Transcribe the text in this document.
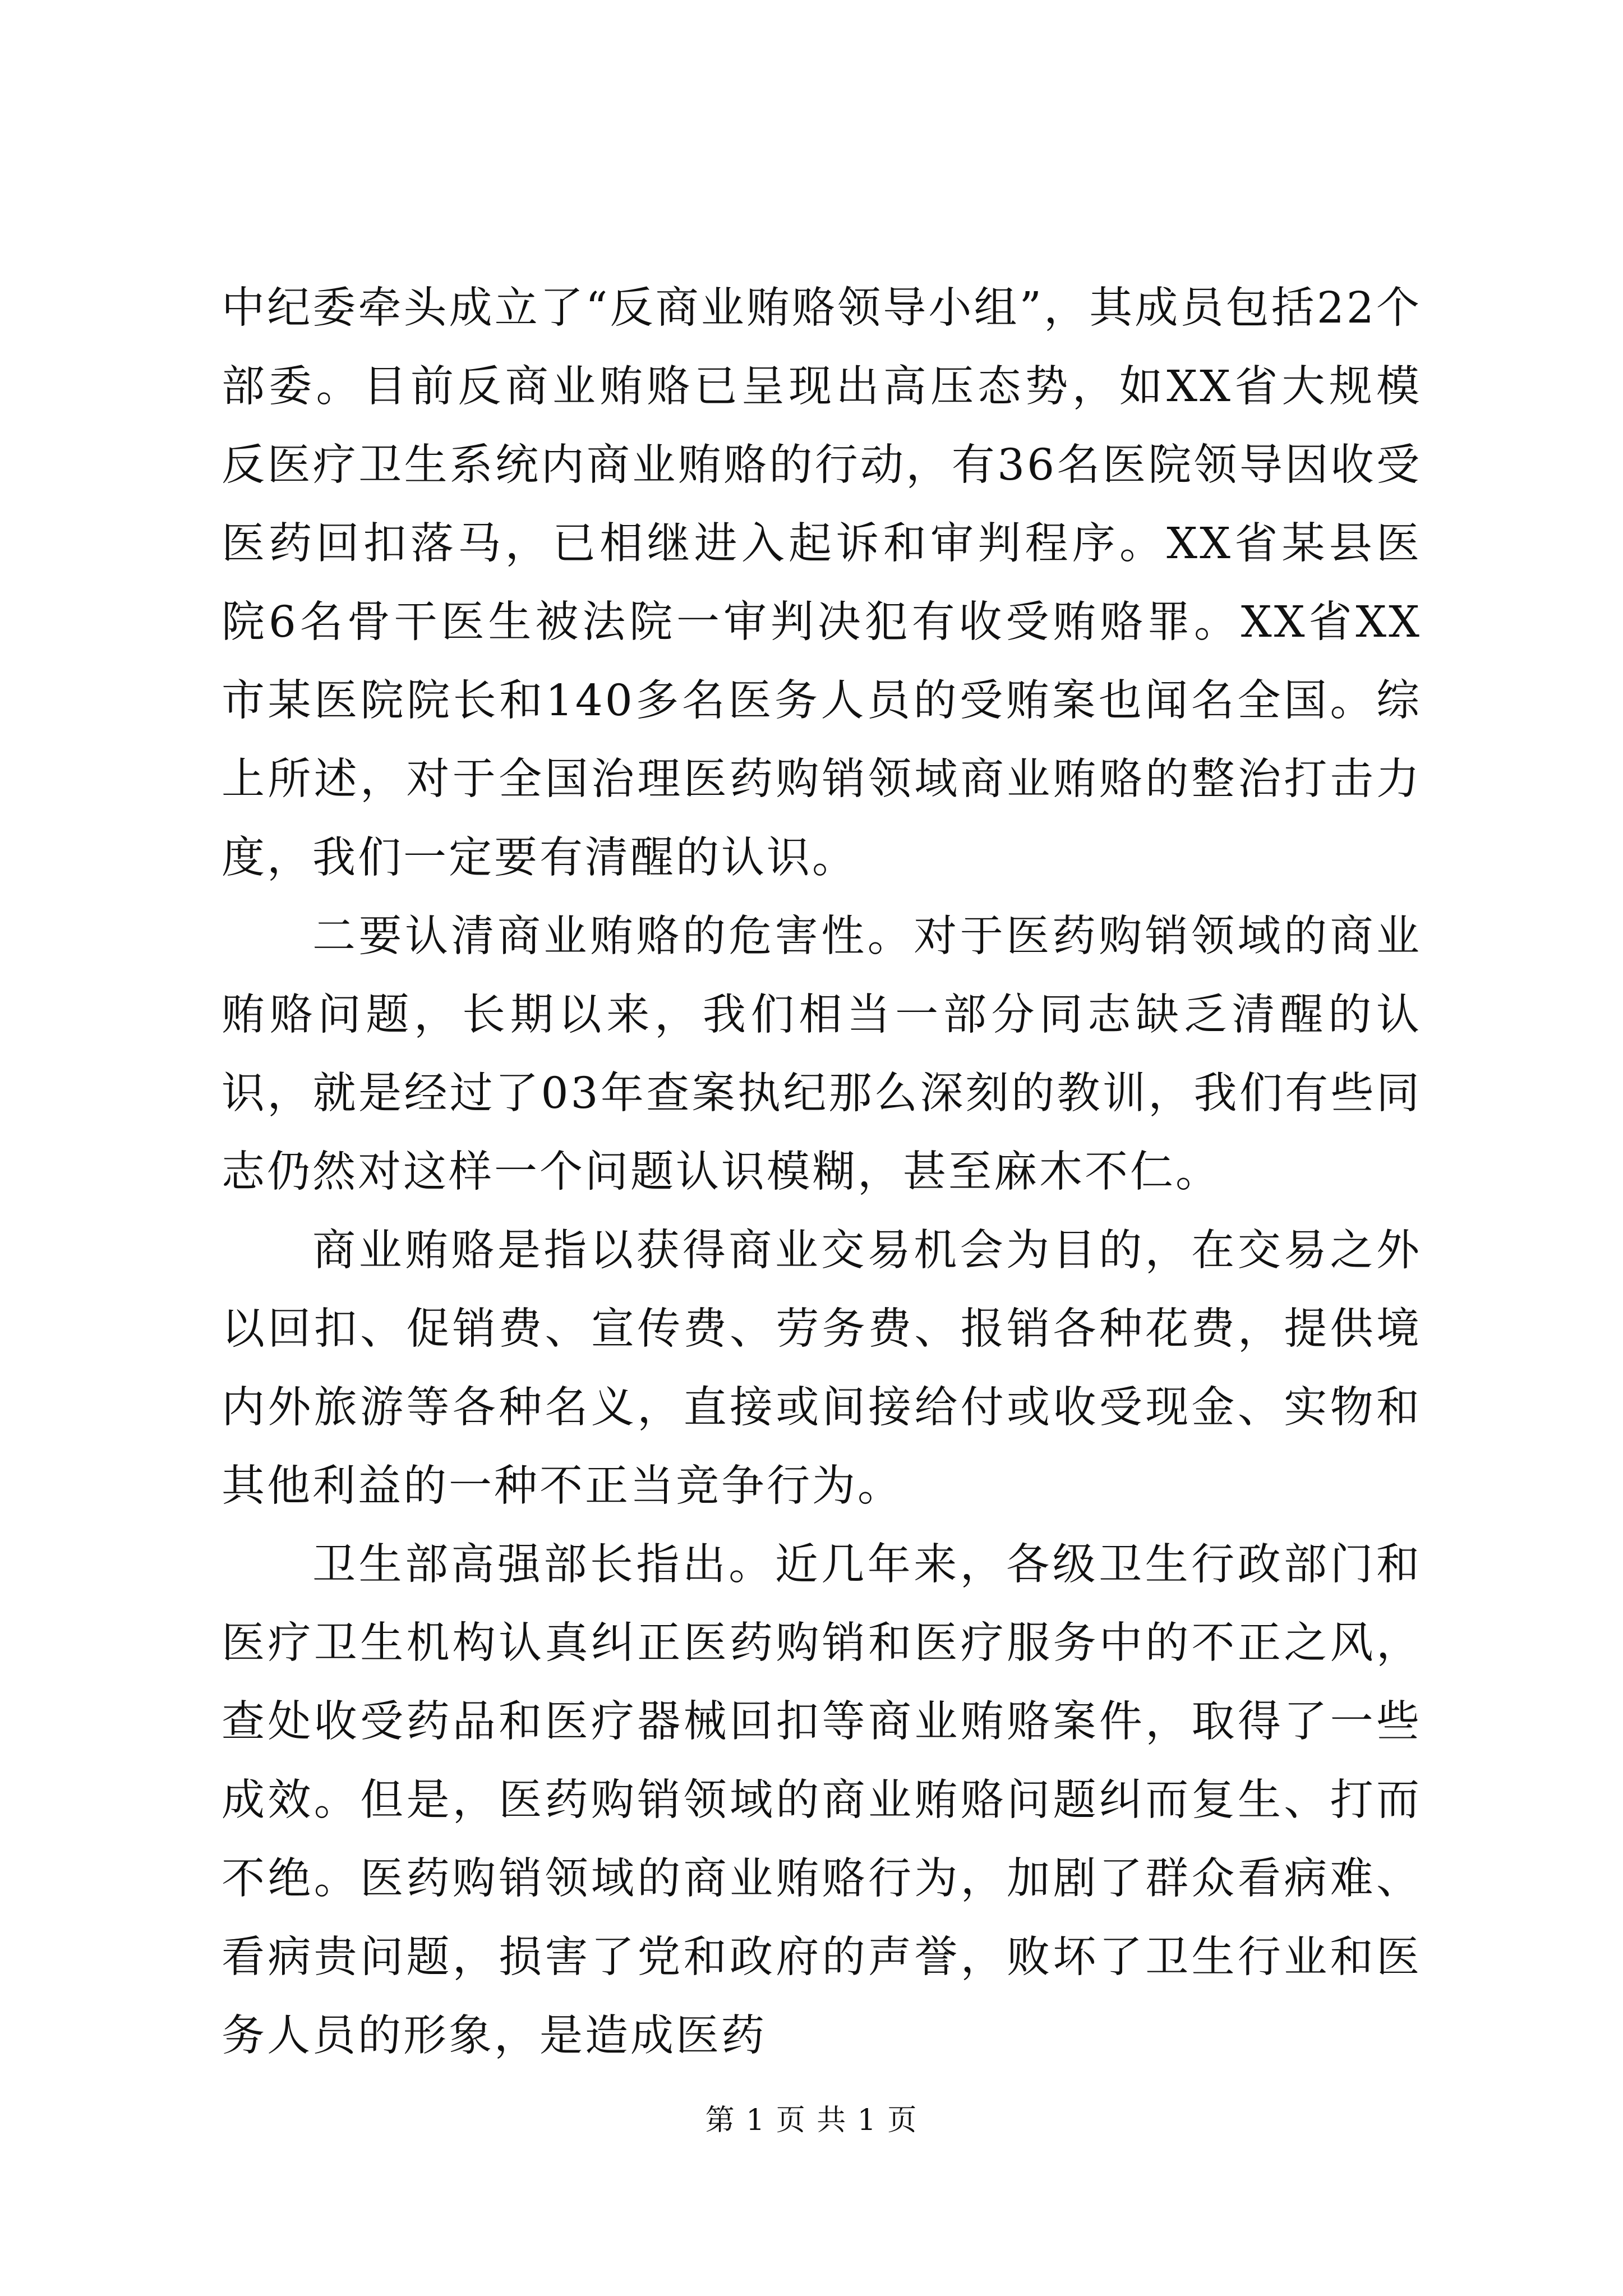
中纪委牵头成立了“反商业贿赂领导小组”，其成员包括22个部委。目前反商业贿赂已呈现出高压态势，如XX省大规模反医疗卫生系统内商业贿赂的行动，有36名医院领导因收受医药回扣落马，已相继进入起诉和审判程序。XX省某县医院6名骨干医生被法院一审判决犯有收受贿赂罪。XX省XX市某医院院长和140多名医务人员的受贿案也闻名全国。综上所述，对于全国治理医药购销领域商业贿赂的整治打击力度，我们一定要有清醒的认识。

二要认清商业贿赂的危害性。对于医药购销领域的商业贿赂问题，长期以来，我们相当一部分同志缺乏清醒的认识，就是经过了03年查案执纪那么深刻的教训，我们有些同志仍然对这样一个问题认识模糊，甚至麻木不仁。

商业贿赂是指以获得商业交易机会为目的，在交易之外以回扣、促销费、宣传费、劳务费、报销各种花费，提供境内外旅游等各种名义，直接或间接给付或收受现金、实物和其他利益的一种不正当竞争行为。

卫生部高强部长指出。近几年来，各级卫生行政部门和医疗卫生机构认真纠正医药购销和医疗服务中的不正之风，查处收受药品和医疗器械回扣等商业贿赂案件，取得了一些成效。但是，医药购销领域的商业贿赂问题纠而复生、打而不绝。医药购销领域的商业贿赂行为，加剧了群众看病难、看病贵问题，损害了党和政府的声誉，败坏了卫生行业和医务人员的形象，是造成医药

第 1 页 共 1 页
